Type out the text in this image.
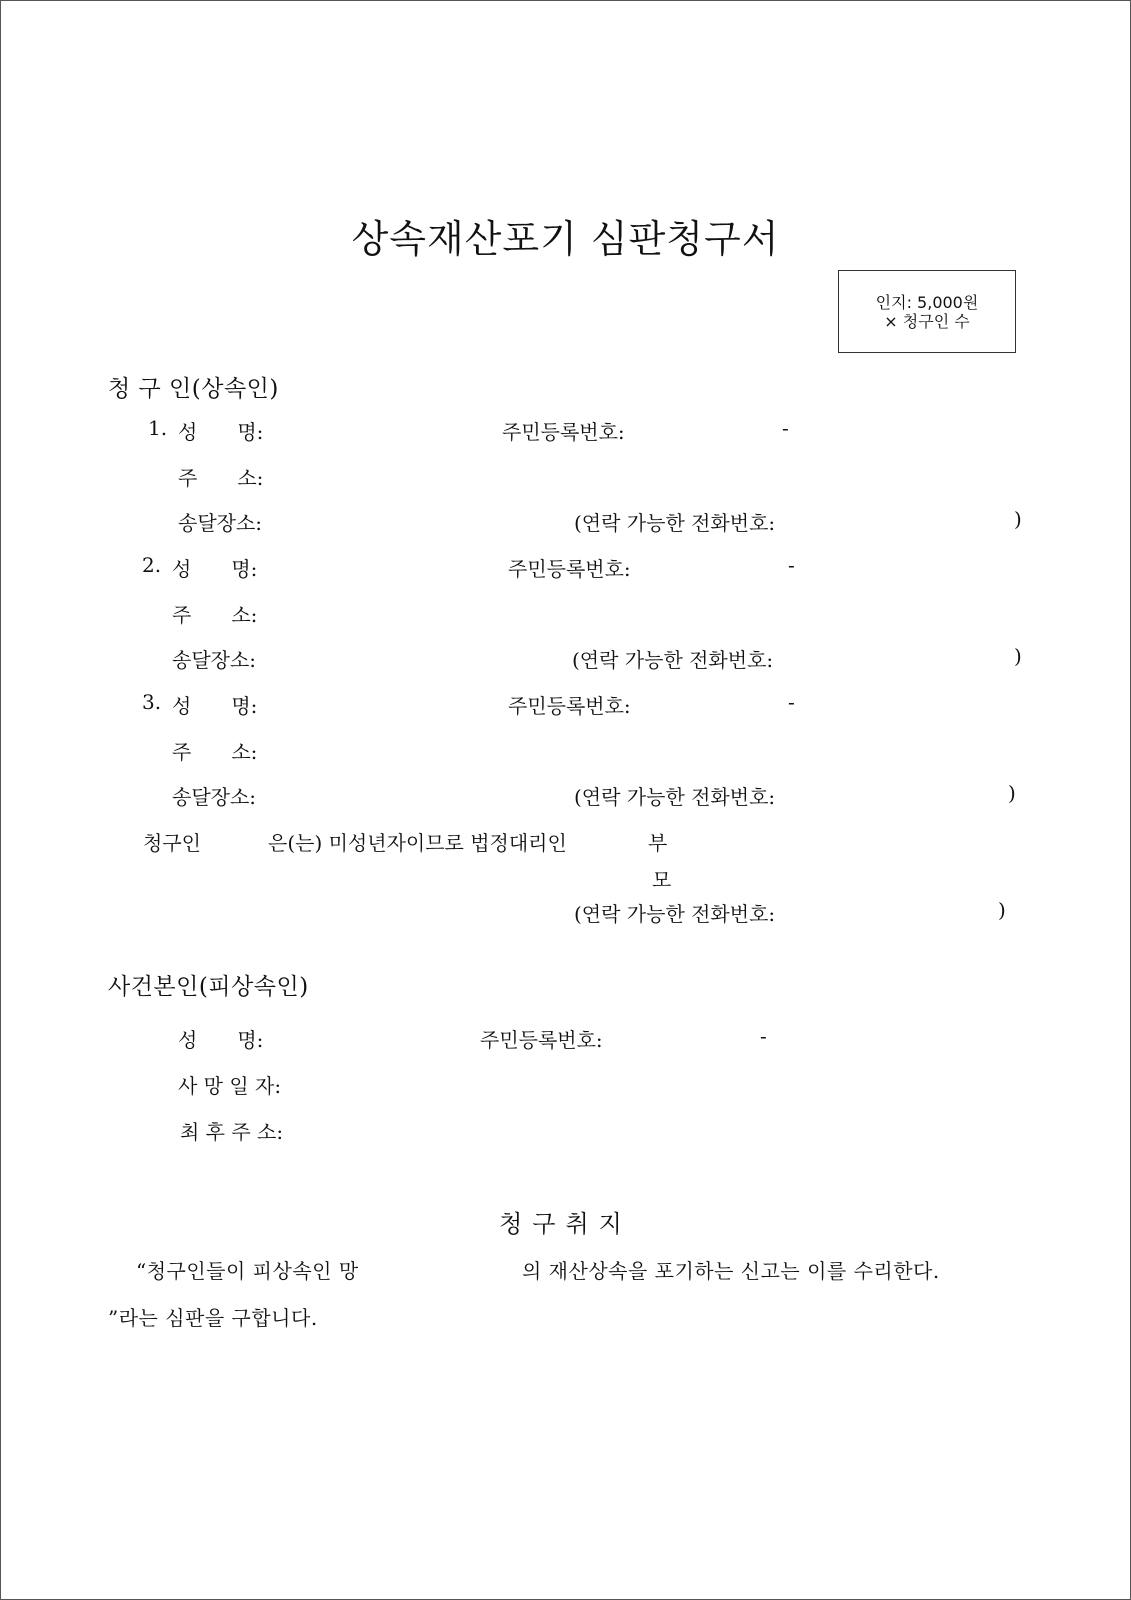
상속재산포기 심판청구서
인지: 5,000원
× 청구인 수
청 구 인(상속인)
1. 성　　명:	주민등록번호:	-
주　　소:
송달장소:	(연락 가능한 전화번호:	)
2. 성　　명:	주민등록번호:	-
주　　소:
송달장소:	(연락 가능한 전화번호:	)
3. 성　　명:	주민등록번호:	-
주　　소:
송달장소:	(연락 가능한 전화번호:	)
청구인	은(는) 미성년자이므로 법정대리인	부
모
(연락 가능한 전화번호:	)
사건본인(피상속인)
성　　명:	주민등록번호:	-
사 망 일 자:
최 후 주 소:
청구취지
“청구인들이 피상속인 망	의 재산상속을 포기하는 신고는 이를 수리한다.
”라는 심판을 구합니다.
